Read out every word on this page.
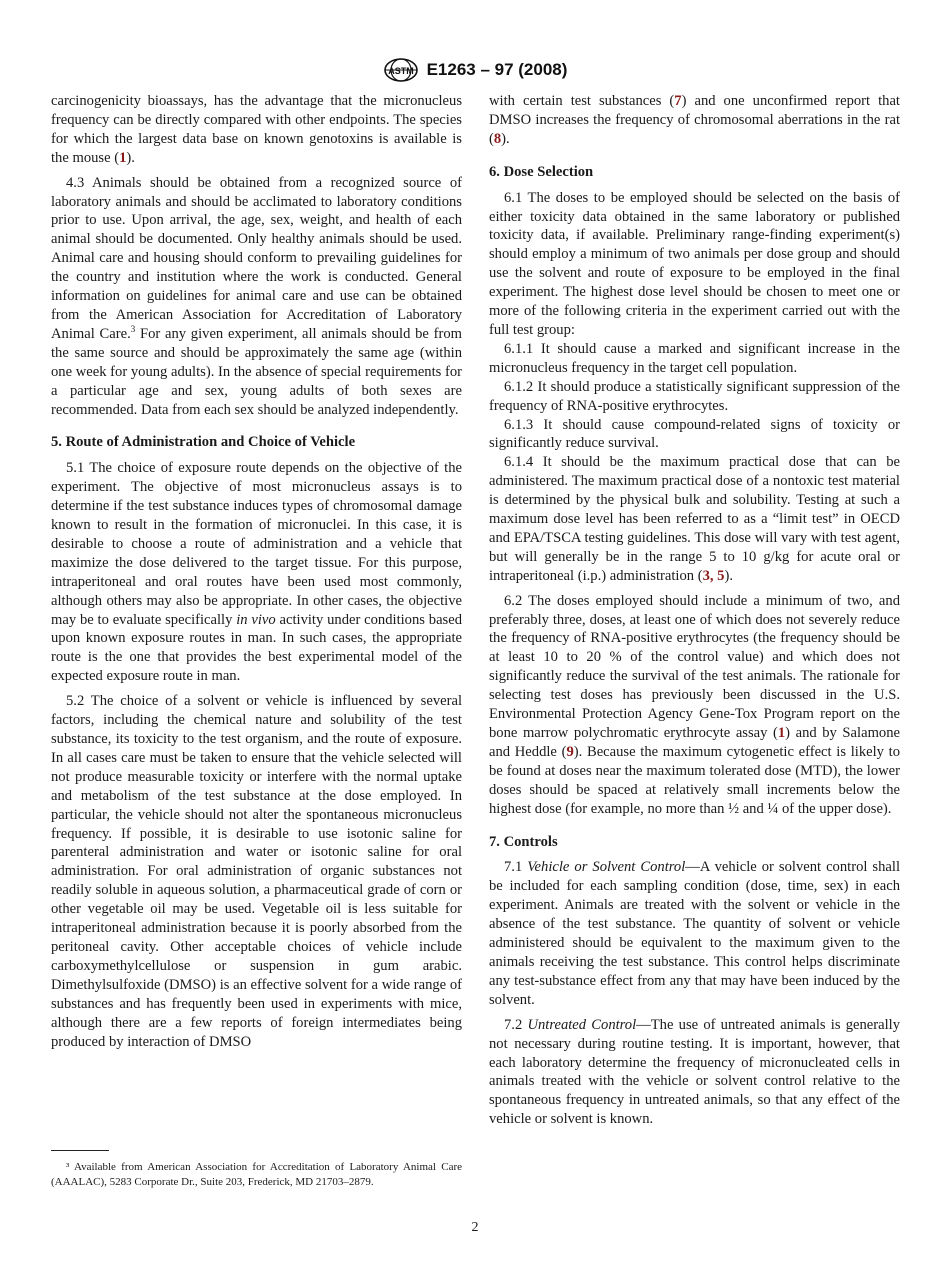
ASTM E1263 – 97 (2008)

carcinogenicity bioassays, has the advantage that the micronucleus frequency can be directly compared with other endpoints. The species for which the largest data base on known genotoxins is available is the mouse (1).

4.3 Animals should be obtained from a recognized source of laboratory animals and should be acclimated to laboratory conditions prior to use. Upon arrival, the age, sex, weight, and health of each animal should be documented. Only healthy animals should be used. Animal care and housing should conform to prevailing guidelines for the country and institution where the work is conducted. General information on guidelines for animal care and use can be obtained from the American Association for Accreditation of Laboratory Animal Care.$^3$ For any given experiment, all animals should be from the same source and should be approximately the same age (within one week for young adults). In the absence of special requirements for a particular age and sex, young adults of both sexes are recommended. Data from each sex should be analyzed independently.

5. Route of Administration and Choice of Vehicle

5.1 The choice of exposure route depends on the objective of the experiment. The objective of most micronucleus assays is to determine if the test substance induces types of chromosomal damage known to result in the formation of micronuclei. In this case, it is desirable to choose a route of administration and a vehicle that maximize the dose delivered to the target tissue. For this purpose, intraperitoneal and oral routes have been used most commonly, although others may also be appropriate. In other cases, the objective may be to evaluate specifically in vivo activity under conditions based upon known exposure routes in man. In such cases, the appropriate route is the one that provides the best experimental model of the expected exposure route in man.

5.2 The choice of a solvent or vehicle is influenced by several factors, including the chemical nature and solubility of the test substance, its toxicity to the test organism, and the route of exposure. In all cases care must be taken to ensure that the vehicle selected will not produce measurable toxicity or interfere with the normal uptake and metabolism of the test substance at the dose employed. In particular, the vehicle should not alter the spontaneous micronucleus frequency. If possible, it is desirable to use isotonic saline for parenteral administration and water or isotonic saline for oral administration. For oral administration of organic substances not readily soluble in aqueous solution, a pharmaceutical grade of corn or other vegetable oil may be used. Vegetable oil is less suitable for intraperitoneal administration because it is poorly absorbed from the peritoneal cavity. Other acceptable choices of vehicle include carboxymethylcellulose or suspension in gum arabic. Dimethylsulfoxide (DMSO) is an effective solvent for a wide range of substances and has frequently been used in experiments with mice, although there are a few reports of foreign intermediates being produced by interaction of DMSO

³ Available from American Association for Accreditation of Laboratory Animal Care (AAALAC), 5283 Corporate Dr., Suite 203, Frederick, MD 21703–2879.

with certain test substances (7) and one unconfirmed report that DMSO increases the frequency of chromosomal aberrations in the rat (8).

6. Dose Selection

6.1 The doses to be employed should be selected on the basis of either toxicity data obtained in the same laboratory or published toxicity data, if available. Preliminary range-finding experiment(s) should employ a minimum of two animals per dose group and should use the solvent and route of exposure to be employed in the final experiment. The highest dose level should be chosen to meet one or more of the following criteria in the experiment carried out with the full test group:

6.1.1 It should cause a marked and significant increase in the micronucleus frequency in the target cell population.

6.1.2 It should produce a statistically significant suppression of the frequency of RNA-positive erythrocytes.

6.1.3 It should cause compound-related signs of toxicity or significantly reduce survival.

6.1.4 It should be the maximum practical dose that can be administered. The maximum practical dose of a nontoxic test material is determined by the physical bulk and solubility. Testing at such a maximum dose level has been referred to as a “limit test” in OECD and EPA/TSCA testing guidelines. This dose will vary with test agent, but will generally be in the range 5 to 10 g/kg for acute oral or intraperitoneal (i.p.) administration (3, 5).

6.2 The doses employed should include a minimum of two, and preferably three, doses, at least one of which does not severely reduce the frequency of RNA-positive erythrocytes (the frequency should be at least 10 to 20 % of the control value) and which does not significantly reduce the survival of the test animals. The rationale for selecting test doses has previously been discussed in the U.S. Environmental Protection Agency Gene-Tox Program report on the bone marrow polychromatic erythrocyte assay (1) and by Salamone and Heddle (9). Because the maximum cytogenetic effect is likely to be found at doses near the maximum tolerated dose (MTD), the lower doses should be spaced at relatively small increments below the highest dose (for example, no more than ½ and ¼ of the upper dose).

7. Controls

7.1 Vehicle or Solvent Control—A vehicle or solvent control shall be included for each sampling condition (dose, time, sex) in each experiment. Animals are treated with the solvent or vehicle in the absence of the test substance. The quantity of solvent or vehicle administered should be equivalent to the maximum given to the animals receiving the test substance. This control helps discriminate any test-substance effect from any that may have been induced by the solvent.

7.2 Untreated Control—The use of untreated animals is generally not necessary during routine testing. It is important, however, that each laboratory determine the frequency of micronucleated cells in animals treated with the vehicle or solvent control relative to the spontaneous frequency in untreated animals, so that any effect of the vehicle or solvent is known.

2
